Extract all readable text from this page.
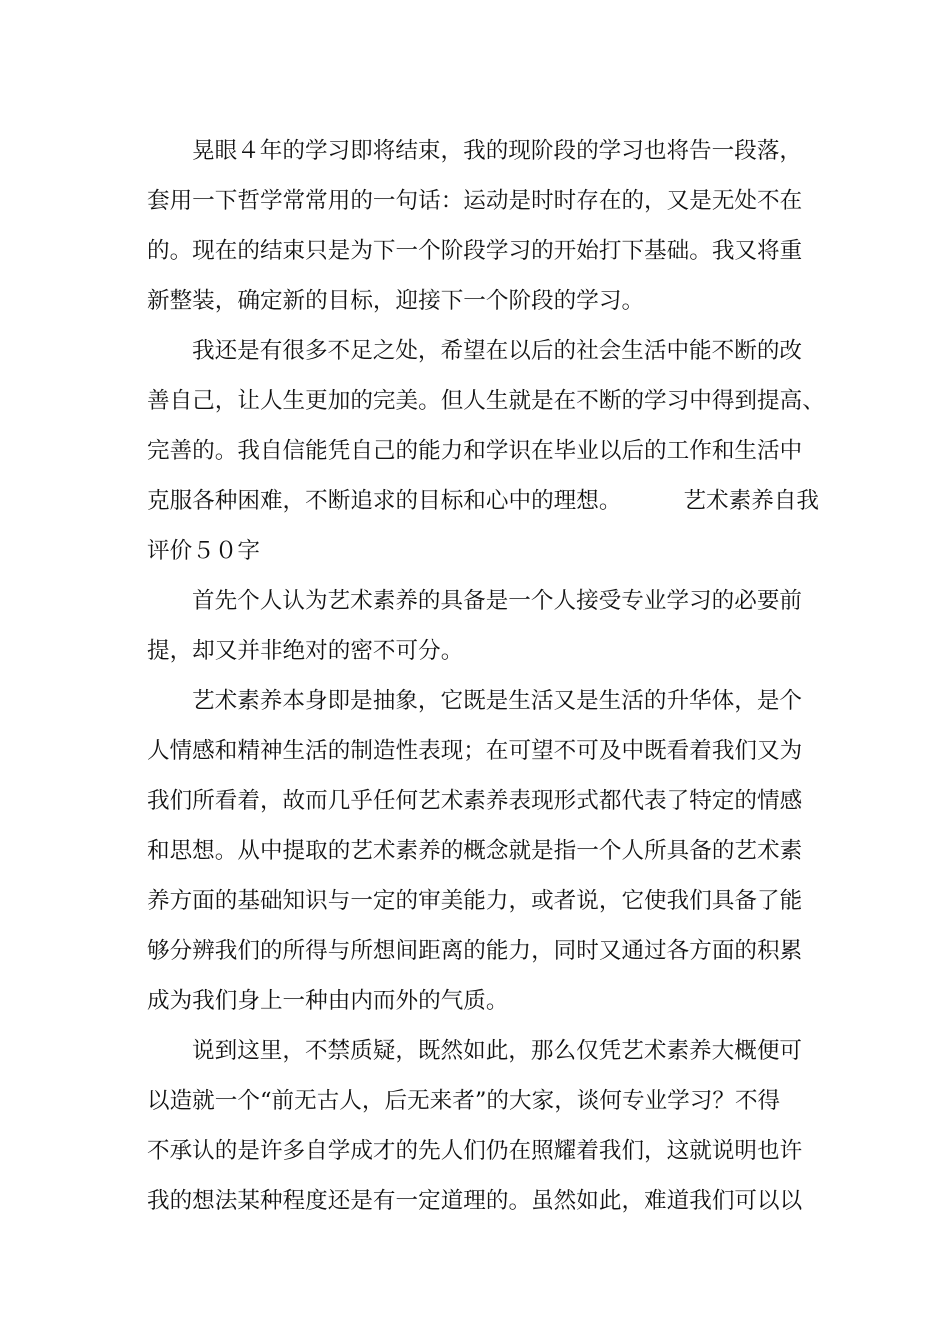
晃眼４年的学习即将结束，我的现阶段的学习也将告一段落，
套用一下哲学常常用的一句话：运动是时时存在的，又是无处不在
的。现在的结束只是为下一个阶段学习的开始打下基础。我又将重
新整装，确定新的目标，迎接下一个阶段的学习。
我还是有很多不足之处，希望在以后的社会生活中能不断的改
善自己，让人生更加的完美。但人生就是在不断的学习中得到提高、
完善的。我自信能凭自己的能力和学识在毕业以后的工作和生活中
克服各种困难，不断追求的目标和心中的理想。	艺术素养自我
评价５０字
首先个人认为艺术素养的具备是一个人接受专业学习的必要前
提，却又并非绝对的密不可分。
艺术素养本身即是抽象，它既是生活又是生活的升华体，是个
人情感和精神生活的制造性表现；在可望不可及中既看着我们又为
我们所看着，故而几乎任何艺术素养表现形式都代表了特定的情感
和思想。从中提取的艺术素养的概念就是指一个人所具备的艺术素
养方面的基础知识与一定的审美能力，或者说，它使我们具备了能
够分辨我们的所得与所想间距离的能力，同时又通过各方面的积累
成为我们身上一种由内而外的气质。
说到这里，不禁质疑，既然如此，那么仅凭艺术素养大概便可
以造就一个“前无古人，后无来者”的大家，谈何专业学习？不得
不承认的是许多自学成才的先人们仍在照耀着我们，这就说明也许
我的想法某种程度还是有一定道理的。虽然如此，难道我们可以以
